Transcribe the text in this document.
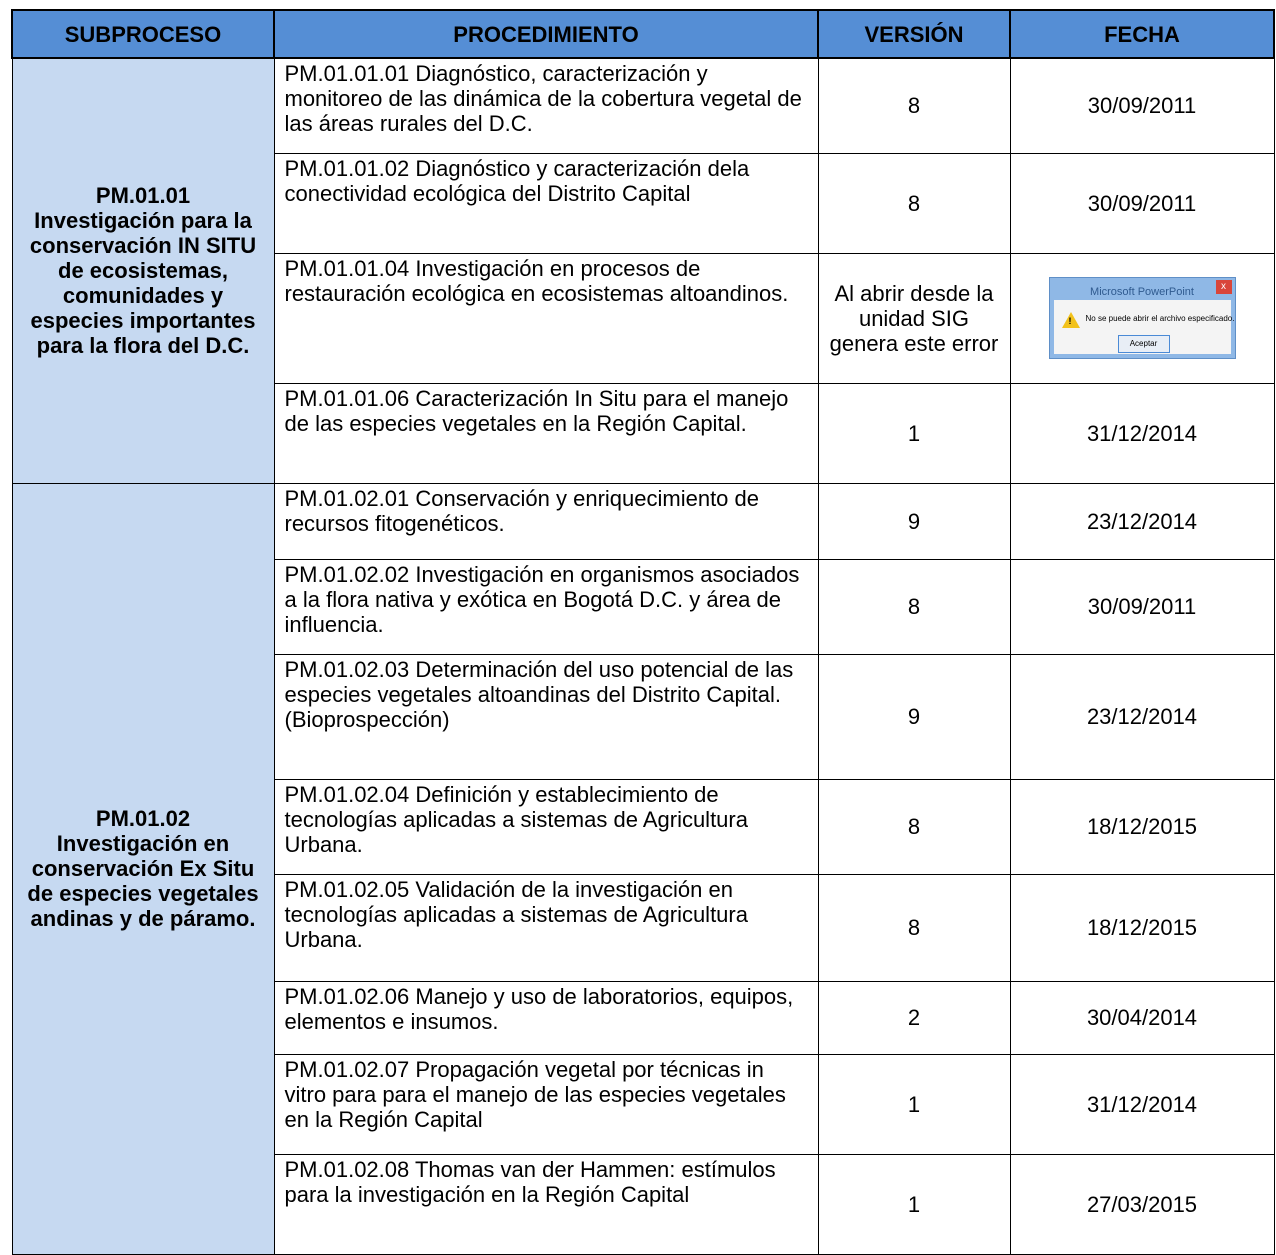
SUBPROCESO	PROCEDIMIENTO	VERSIÓN	FECHA

PM.01.01
Investigación para la conservación IN SITU de ecosistemas, comunidades y especies importantes para la flora del D.C.	PM.01.01.01 Diagnóstico, caracterización y monitoreo de las dinámica de la cobertura vegetal de las áreas rurales del D.C.	8	30/09/2011
	PM.01.01.02 Diagnóstico y caracterización dela conectividad ecológica del Distrito Capital	8	30/09/2011
	PM.01.01.04 Investigación en procesos de restauración ecológica en ecosistemas altoandinos.	Al abrir desde la unidad SIG genera este error	Microsoft PowerPoint x
! No se puede abrir el archivo especificado.
Aceptar

	PM.01.01.06 Caracterización In Situ para el manejo de las especies vegetales en la Región Capital.	1	31/12/2014

PM.01.02
Investigación en conservación Ex Situ de especies vegetales andinas y de páramo.	PM.01.02.01 Conservación y enriquecimiento de recursos fitogenéticos.	9	23/12/2014
	PM.01.02.02 Investigación en organismos asociados a la flora nativa y exótica en Bogotá D.C. y área de influencia.	8	30/09/2011
	PM.01.02.03 Determinación del uso potencial de las especies vegetales altoandinas del Distrito Capital. (Bioprospección)	9	23/12/2014
	PM.01.02.04 Definición y establecimiento de tecnologías aplicadas a sistemas de Agricultura Urbana.	8	18/12/2015
	PM.01.02.05 Validación de la investigación en tecnologías aplicadas a sistemas de Agricultura Urbana.	8	18/12/2015
	PM.01.02.06 Manejo y uso de laboratorios, equipos, elementos e insumos.	2	30/04/2014
	PM.01.02.07 Propagación vegetal por técnicas in vitro para para el manejo de las especies vegetales en la Región Capital	1	31/12/2014
	PM.01.02.08 Thomas van der Hammen: estímulos para la investigación en la Región Capital	1	27/03/2015
